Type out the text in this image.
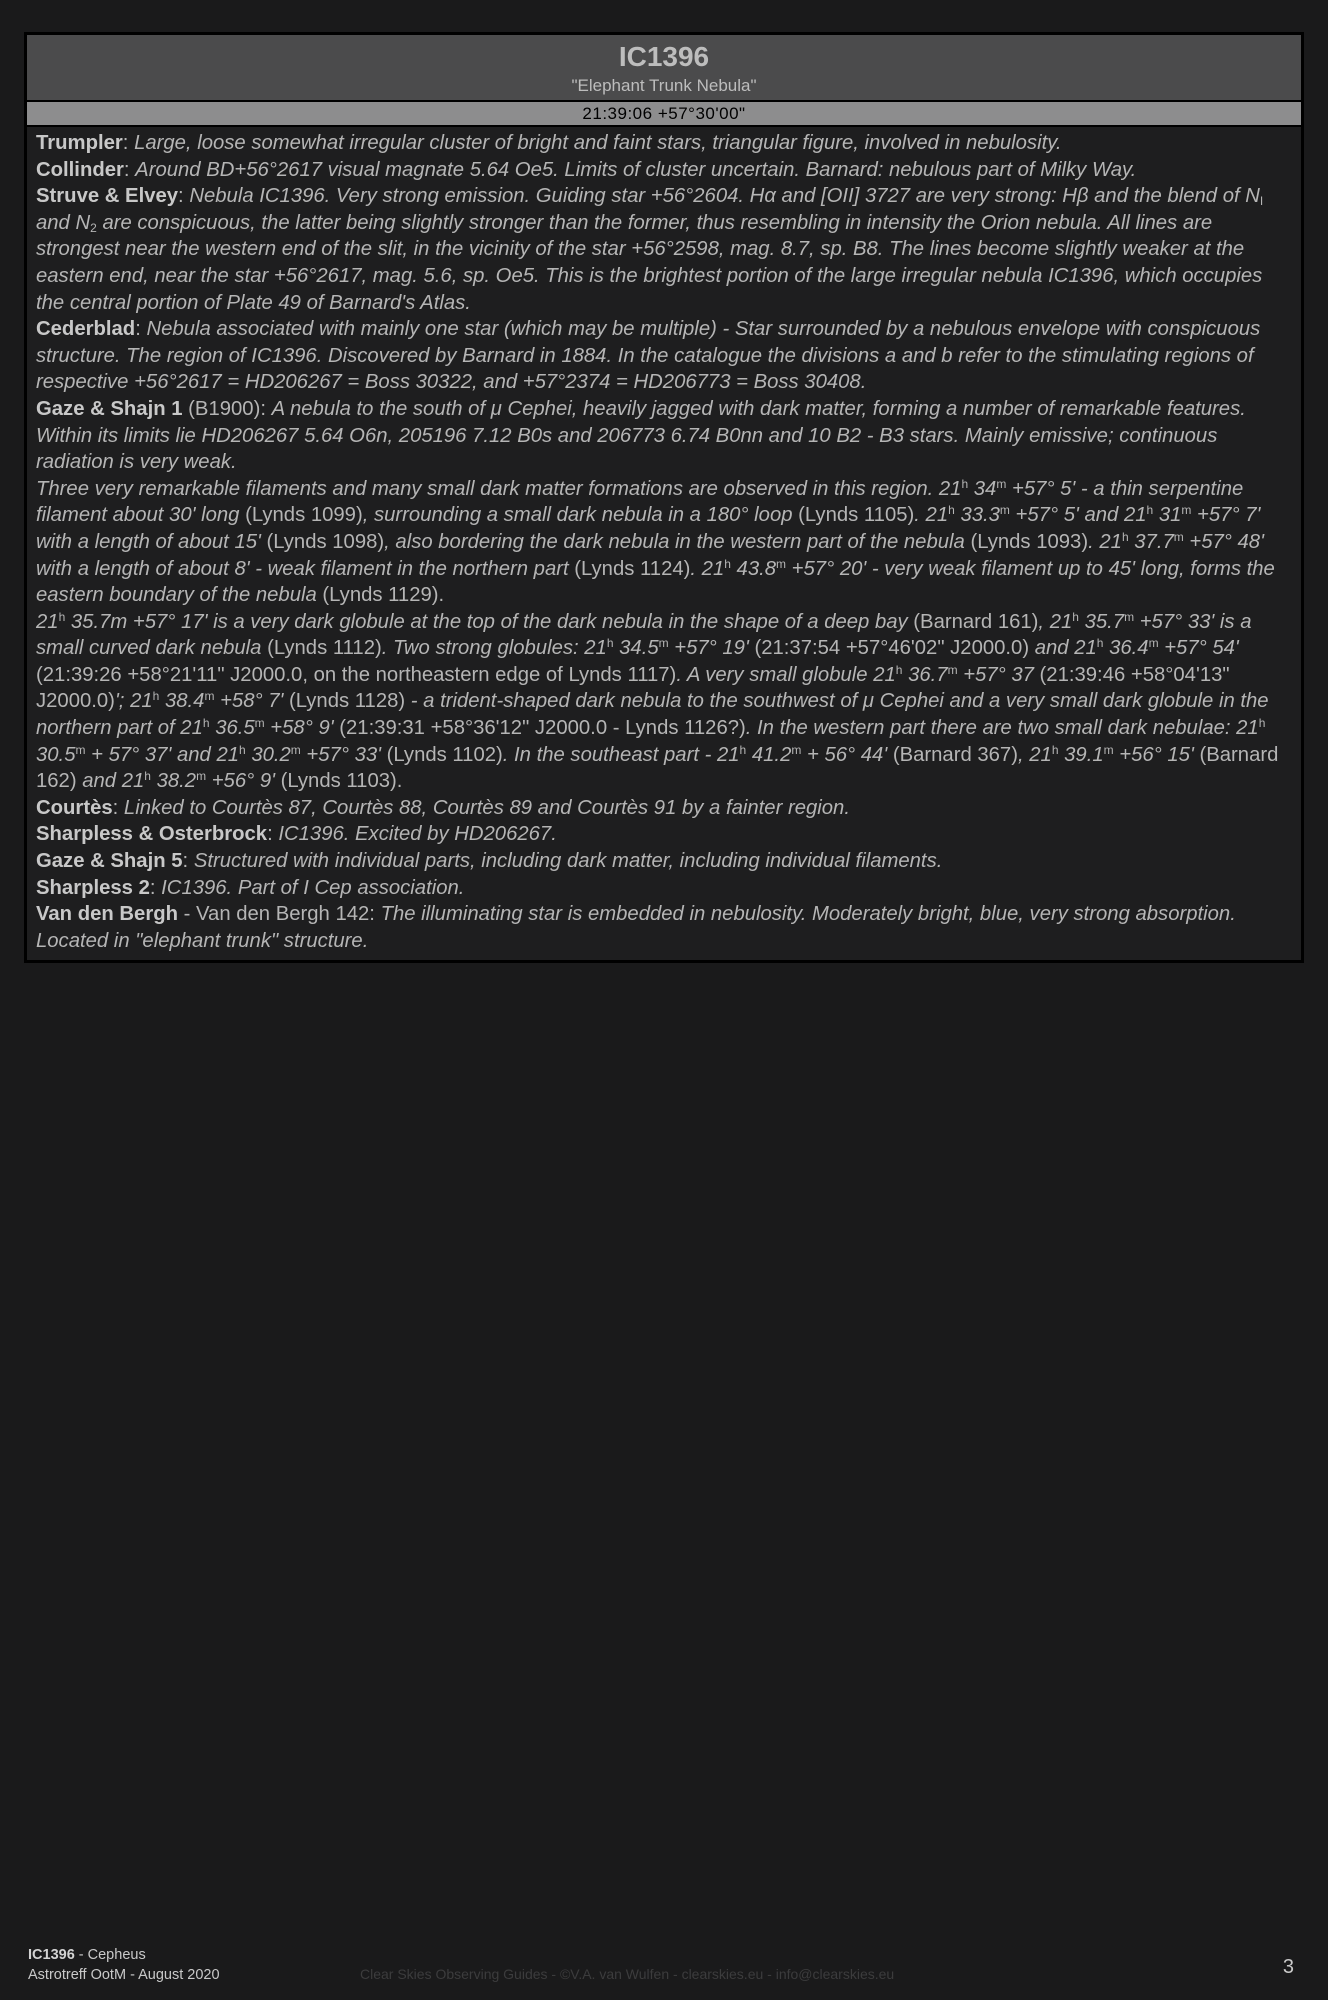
IC1396
"Elephant Trunk Nebula"
21:39:06 +57°30'00"

Trumpler: Large, loose somewhat irregular cluster of bright and faint stars, triangular figure, involved in nebulosity.

Collinder: Around BD+56°2617 visual magnate 5.64 Oe5. Limits of cluster uncertain. Barnard: nebulous part of Milky Way.

Struve & Elvey: Nebula IC1396. Very strong emission. Guiding star +56°2604. Hα and [OII] 3727 are very strong: Hβ and the blend of $N_I$ and $N_2$ are conspicuous, the latter being slightly stronger than the former, thus resembling in intensity the Orion nebula. All lines are strongest near the western end of the slit, in the vicinity of the star +56°2598, mag. 8.7, sp. B8. The lines become slightly weaker at the eastern end, near the star +56°2617, mag. 5.6, sp. Oe5. This is the brightest portion of the large irregular nebula IC1396, which occupies the central portion of Plate 49 of Barnard's Atlas.

Cederblad: Nebula associated with mainly one star (which may be multiple) - Star surrounded by a nebulous envelope with conspicuous structure. The region of IC1396. Discovered by Barnard in 1884. In the catalogue the divisions a and b refer to the stimulating regions of respective +56°2617 = HD206267 = Boss 30322, and +57°2374 = HD206773 = Boss 30408.

Gaze & Shajn 1 (B1900): A nebula to the south of μ Cephei, heavily jagged with dark matter, forming a number of remarkable features. Within its limits lie HD206267 5.64 O6n, 205196 7.12 B0s and 206773 6.74 B0nn and 10 B2 - B3 stars. Mainly emissive; continuous radiation is very weak.

Three very remarkable filaments and many small dark matter formations are observed in this region. 21$^h$ $34^m +57^\circ$ 5' - a thin serpentine filament about 30' long (Lynds 1099), surrounding a small dark nebula in a 180° loop (Lynds 1105). 21$^h$ $33.3^m +57^\circ$ 5' and 21$^h$ $31^m +57^\circ$ 7' with a length of about 15' (Lynds 1098), also bordering the dark nebula in the western part of the nebula (Lynds 1093). 21$^h$ $37.7^m +57^\circ$ 48' with a length of about 8' - weak filament in the northern part (Lynds 1124). 21$^h$ $43.8^m +57^\circ$ 20' - very weak filament up to 45' long, forms the eastern boundary of the nebula (Lynds 1129).

21$^h$ 35.7m +57° 17' is a very dark globule at the top of the dark nebula in the shape of a deep bay (Barnard 161), 21$^h$ $35.7^m +57^\circ$ 33' is a small curved dark nebula (Lynds 1112). Two strong globules: 21$^h$ $34.5^m +57^\circ$ 19' (21:37:54 +57°46'02" J2000.0) and 21$^h$ $36.4^m +57^\circ$ 54' (21:39:26 +58°21'11" J2000.0, on the northeastern edge of Lynds 1117). A very small globule 21$^h$ $36.7^m +57^\circ$ 37 (21:39:46 +58°04'13" J2000.0)'; 21$^h$ $38.4^m +58^\circ$ 7' (Lynds 1128) - a trident-shaped dark nebula to the southwest of μ Cephei and a very small dark globule in the northern part of 21$^h$ $36.5^m +58^\circ$ 9' (21:39:31 +58°36'12" J2000.0 - Lynds 1126?). In the western part there are two small dark nebulae: 21$^h$ $30.5^m + 57^\circ$ 37' and 21$^h$ $30.2^m +57^\circ$ 33' (Lynds 1102). In the southeast part - 21$^h$ $41.2^m + 56^\circ$ 44' (Barnard 367), 21$^h$ $39.1^m +56^\circ$ 15' (Barnard 162) and 21$^h$ $38.2^m +56^\circ$ 9' (Lynds 1103).

Courtès: Linked to Courtès 87, Courtès 88, Courtès 89 and Courtès 91 by a fainter region.

Sharpless & Osterbrock: IC1396. Excited by HD206267.

Gaze & Shajn 5: Structured with individual parts, including dark matter, including individual filaments.

Sharpless 2: IC1396. Part of I Cep association.

Van den Bergh - Van den Bergh 142: The illuminating star is embedded in nebulosity. Moderately bright, blue, very strong absorption. Located in "elephant trunk" structure.

IC1396 - Cepheus
Astrotreff OotM - August 2020	Clear Skies Observing Guides - ©V.A. van Wulfen - clearskies.eu - info@clearskies.eu	3
